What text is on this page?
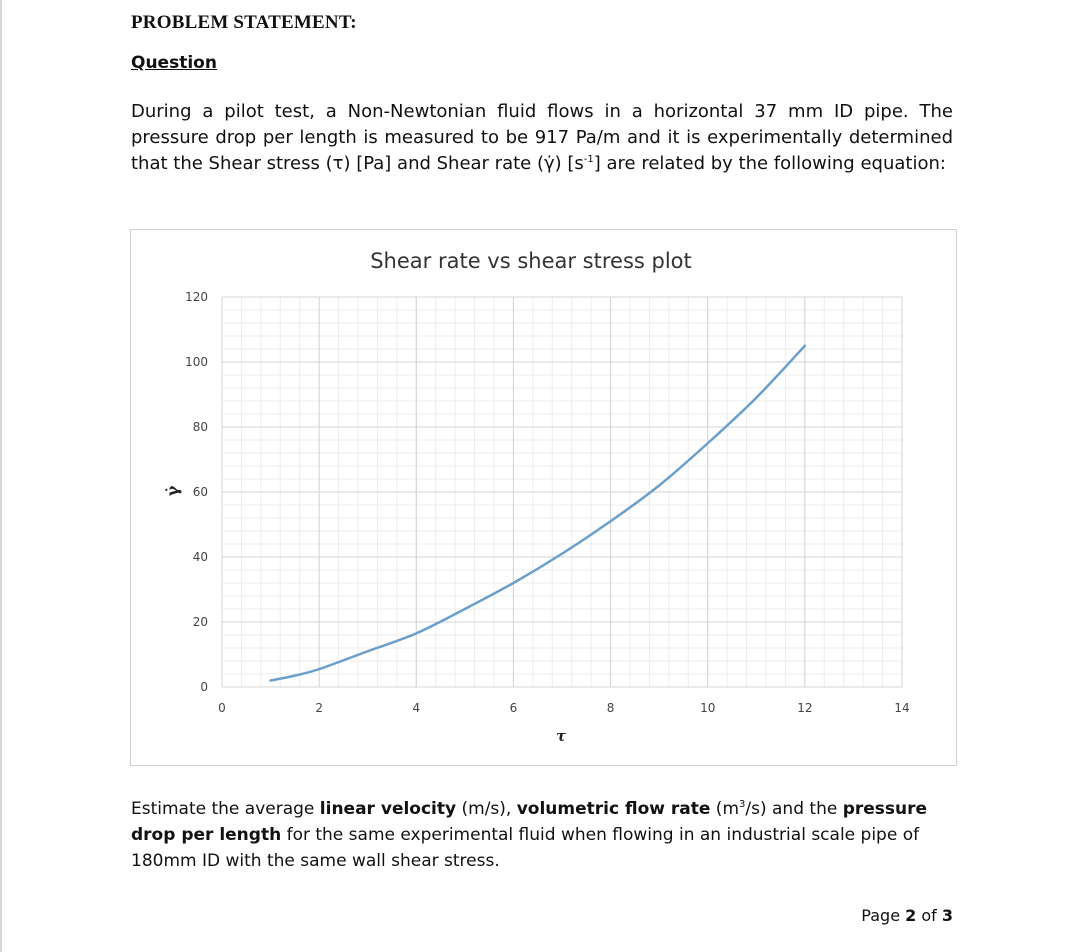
PROBLEM STATEMENT:
Question
During a pilot test, a Non-Newtonian fluid flows in a horizontal 37 mm ID pipe. The pressure drop per length is measured to be 917 Pa/m and it is experimentally determined that the Shear stress (τ) [Pa] and Shear rate (γ̇) $[s^{-1}]$ are related by the following equation:
0	2	4	6	8	10	12	14
0
20
40
60
80
100
120
Shear rate vs shear stress plot
τ
γ̇
Estimate the average linear velocity (m/s), volumetric flow rate $(m^3/s)$ and the pressure drop per length for the same experimental fluid when flowing in an industrial scale pipe of 180mm ID with the same wall shear stress.
Page 2 of 3
